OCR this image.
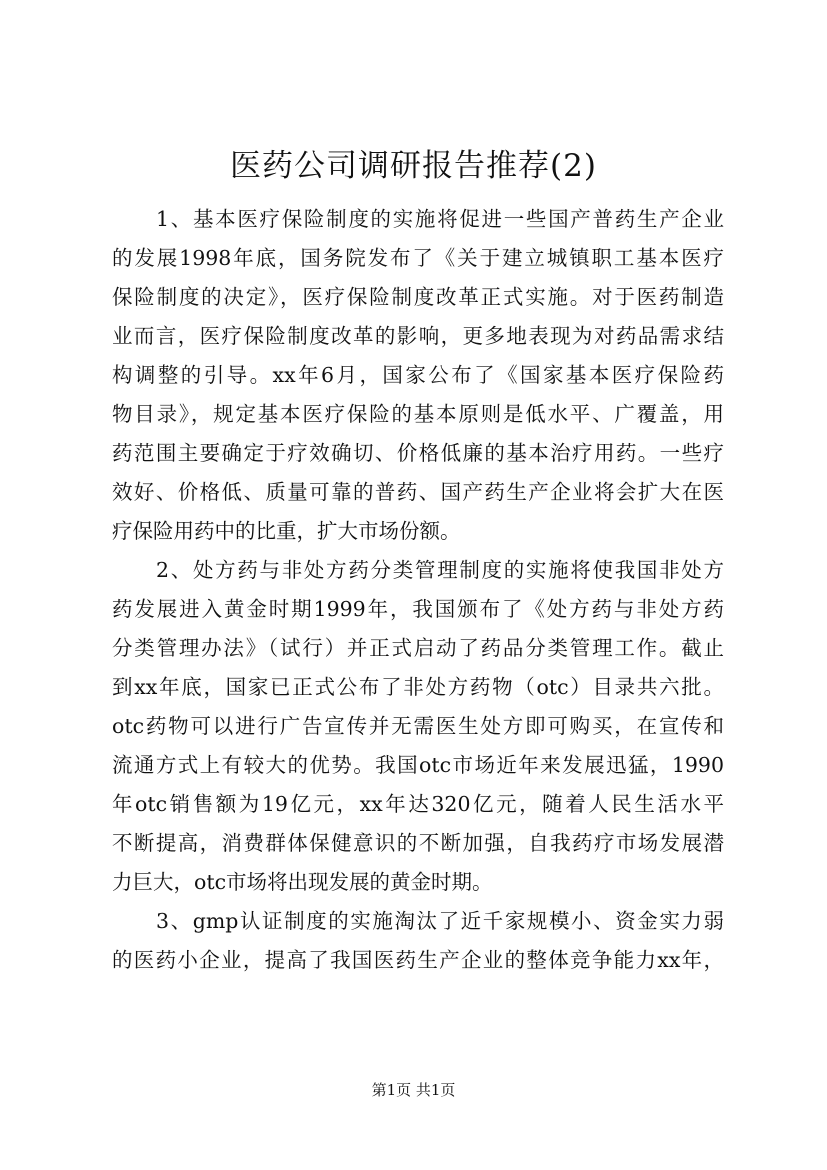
医药公司调研报告推荐(2)
1、基本医疗保险制度的实施将促进一些国产普药生产企业
的发展1998年底，国务院发布了《关于建立城镇职工基本医疗
保险制度的决定》，医疗保险制度改革正式实施。对于医药制造
业而言，医疗保险制度改革的影响，更多地表现为对药品需求结
构调整的引导。xx年6月，国家公布了《国家基本医疗保险药
物目录》，规定基本医疗保险的基本原则是低水平、广覆盖，用
药范围主要确定于疗效确切、价格低廉的基本治疗用药。一些疗
效好、价格低、质量可靠的普药、国产药生产企业将会扩大在医
疗保险用药中的比重，扩大市场份额。
2、处方药与非处方药分类管理制度的实施将使我国非处方
药发展进入黄金时期1999年，我国颁布了《处方药与非处方药
分类管理办法》（试行）并正式启动了药品分类管理工作。截止
到xx年底，国家已正式公布了非处方药物（otc）目录共六批。
otc药物可以进行广告宣传并无需医生处方即可购买，在宣传和
流通方式上有较大的优势。我国otc市场近年来发展迅猛，1990
年otc销售额为19亿元，xx年达320亿元，随着人民生活水平
不断提高，消费群体保健意识的不断加强，自我药疗市场发展潜
力巨大，otc市场将出现发展的黄金时期。
3、gmp认证制度的实施淘汰了近千家规模小、资金实力弱
的医药小企业，提高了我国医药生产企业的整体竞争能力xx年，
第1页 共1页
